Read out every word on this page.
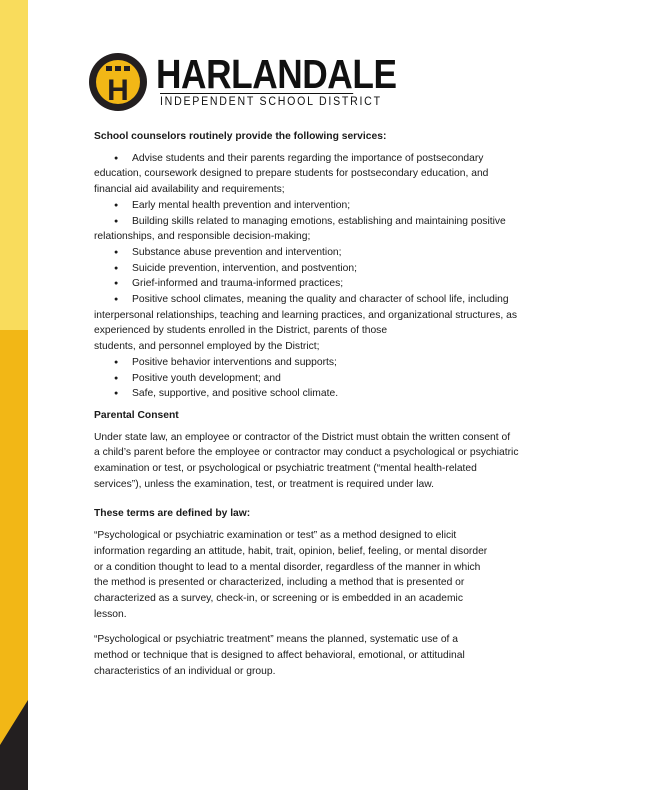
H HARLANDALE
INDEPENDENT SCHOOL DISTRICT

School counselors routinely provide the following services:

● Advise students and their parents regarding the importance of postsecondary
education, coursework designed to prepare students for postsecondary education, and
financial aid availability and requirements;
● Early mental health prevention and intervention;
● Building skills related to managing emotions, establishing and maintaining positive
relationships, and responsible decision-making;
● Substance abuse prevention and intervention;
● Suicide prevention, intervention, and postvention;
● Grief-informed and trauma-informed practices;
● Positive school climates, meaning the quality and character of school life, including
interpersonal relationships, teaching and learning practices, and organizational structures, as
experienced by students enrolled in the District, parents of those
students, and personnel employed by the District;
● Positive behavior interventions and supports;
● Positive youth development; and
● Safe, supportive, and positive school climate.

Parental Consent

Under state law, an employee or contractor of the District must obtain the written consent of
a child’s parent before the employee or contractor may conduct a psychological or psychiatric
examination or test, or psychological or psychiatric treatment (“mental health-related
services”), unless the examination, test, or treatment is required under law.

These terms are defined by law:

“Psychological or psychiatric examination or test” as a method designed to elicit
information regarding an attitude, habit, trait, opinion, belief, feeling, or mental disorder
or a condition thought to lead to a mental disorder, regardless of the manner in which
the method is presented or characterized, including a method that is presented or
characterized as a survey, check-in, or screening or is embedded in an academic
lesson.
“Psychological or psychiatric treatment” means the planned, systematic use of a
method or technique that is designed to affect behavioral, emotional, or attitudinal
characteristics of an individual or group.
